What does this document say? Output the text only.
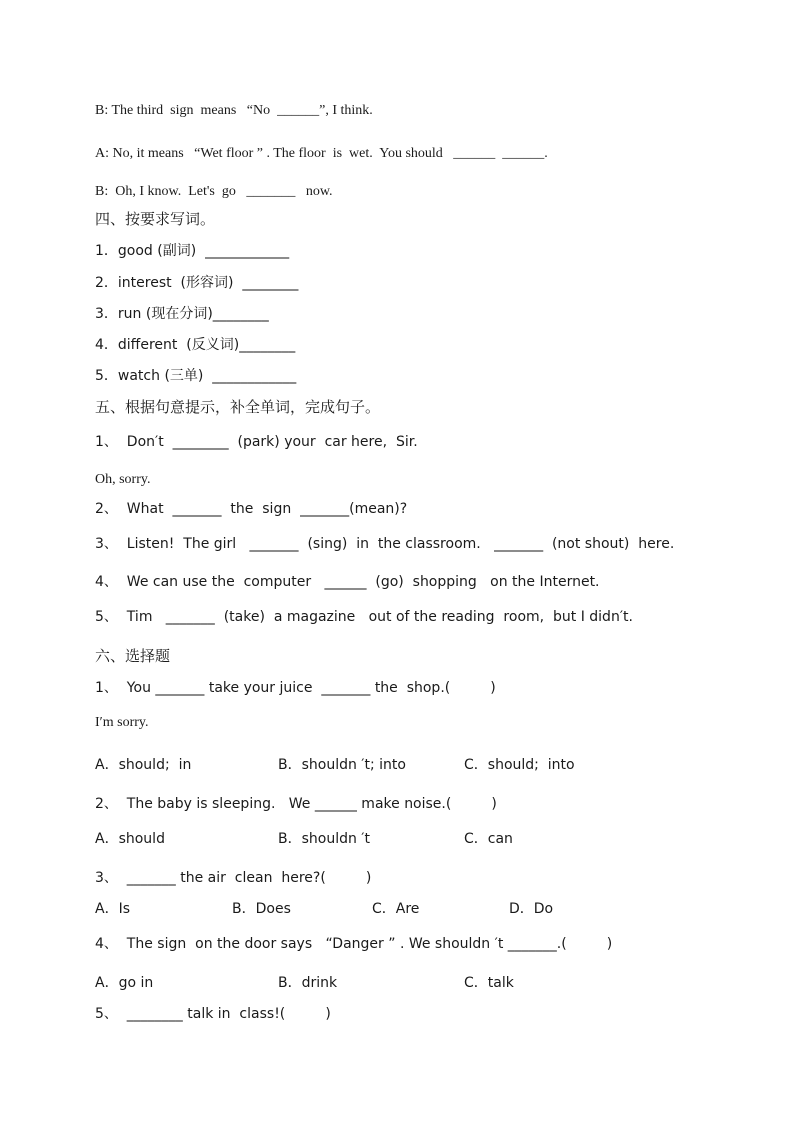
B: The third  sign  means   “No  ______”, I think.
A: No, it means   “Wet floor ” . The floor  is  wet.  You should   ______  ______.
B:  Oh, I know.  Let's  go   _______   now.
四、按要求写词。
1．good (副词)  ____________
2．interest  (形容词)  ________
3．run (现在分词)________
4．different  (反义词)________
5．watch (三单)  ____________
五、根据句意提示，补全单词，完成句子。
1、  Don′t  ________  (park) your  car here,  Sir.
Oh, sorry.
2、  What  _______  the  sign  _______(mean)?
3、  Listen!  The girl   _______  (sing)  in  the classroom.   _______  (not shout)  here.
4、  We can use the  computer   ______  (go)  shopping   on the Internet.
5、  Tim   _______  (take)  a magazine   out of the reading  room,  but I didn′t.
六、选择题
1、  You _______ take your juice  _______ the  shop.(         )
I′m sorry.
A．should;  in	B．shouldn ′t; into	C．should;  into
2、  The baby is sleeping.   We ______ make noise.(         )
A．should	B．shouldn ′t	C．can
3、  _______ the air  clean  here?(         )
A．Is	B．Does	C．Are	D．Do
4、  The sign  on the door says   “Danger ” . We shouldn ′t _______.(         )
A．go in	B．drink	C．talk
5、  ________ talk in  class!(         )
